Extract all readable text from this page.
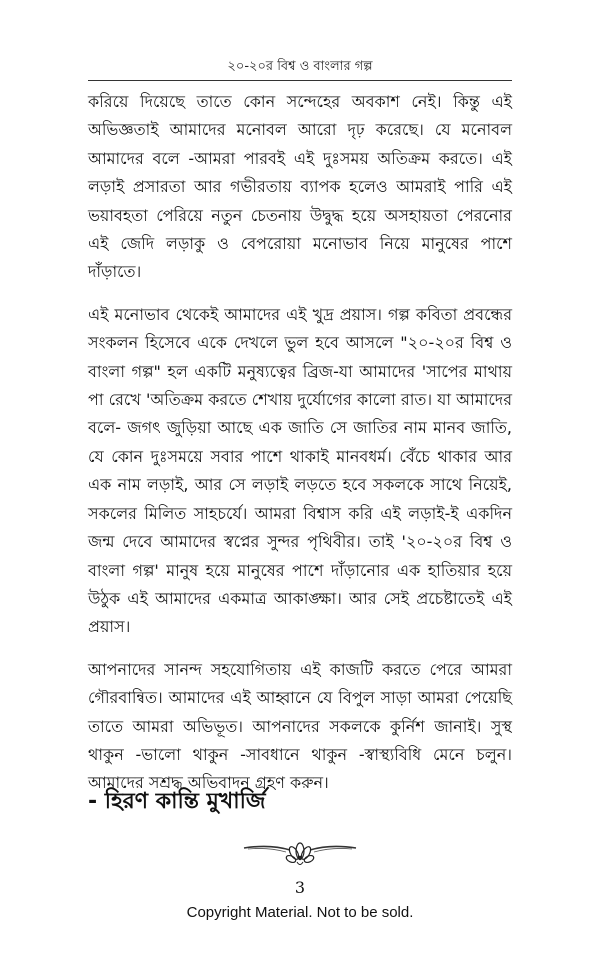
২০-২০র বিশ্ব ও বাংলার গল্প

করিয়ে দিয়েছে তাতে কোন সন্দেহের অবকাশ নেই। কিন্তু এই অভিজ্ঞতাই আমাদের মনোবল আরো দৃঢ় করেছে। যে মনোবল আমাদের বলে -আমরা পারবই এই দুঃসময় অতিক্রম করতে। এই লড়াই প্রসারতা আর গভীরতায় ব্যাপক হলেও আমরাই পারি এই ভয়াবহতা পেরিয়ে নতুন চেতনায় উদ্বুদ্ধ হয়ে অসহায়তা পেরনোর এই জেদি লড়াকু ও বেপরোয়া মনোভাব নিয়ে মানুষের পাশে দাঁড়াতে।

এই মনোভাব থেকেই আমাদের এই খুদ্র প্রয়াস। গল্প কবিতা প্রবন্ধের সংকলন হিসেবে একে দেখলে ভুল হবে আসলে "২০-২০র বিশ্ব ও বাংলা গল্প" হল একটি মনুষ্যত্বের ব্রিজ-যা আমাদের 'সাপের মাথায় পা রেখে 'অতিক্রম করতে শেখায় দুর্যোগের কালো রাত। যা আমাদের বলে- জগৎ জুড়িয়া আছে এক জাতি সে জাতির নাম মানব জাতি, যে কোন দুঃসময়ে সবার পাশে থাকাই মানবধর্ম। বেঁচে থাকার আর এক নাম লড়াই, আর সে লড়াই লড়তে হবে সকলকে সাথে নিয়েই, সকলের মিলিত সাহচর্যে। আমরা বিশ্বাস করি এই লড়াই-ই একদিন জন্ম দেবে আমাদের স্বপ্নের সুন্দর পৃথিবীর। তাই '২০-২০র বিশ্ব ও বাংলা গল্প' মানুষ হয়ে মানুষের পাশে দাঁড়ানোর এক হাতিয়ার হয়ে উঠুক এই আমাদের একমাত্র আকাঙ্ক্ষা। আর সেই প্রচেষ্টাতেই এই প্রয়াস।

আপনাদের সানন্দ সহযোগিতায় এই কাজটি করতে পেরে আমরা গৌরবান্বিত। আমাদের এই আহ্বানে যে বিপুল সাড়া আমরা পেয়েছি তাতে আমরা অভিভূত। আপনাদের সকলকে কুর্নিশ জানাই। সুস্থ থাকুন -ভালো থাকুন -সাবধানে থাকুন -স্বাস্থ্যবিধি মেনে চলুন। আমাদের সশ্রদ্ধ অভিবাদন গ্রহণ করুন।

- হিরণ কান্তি মুখার্জি
3
Copyright Material. Not to be sold.
